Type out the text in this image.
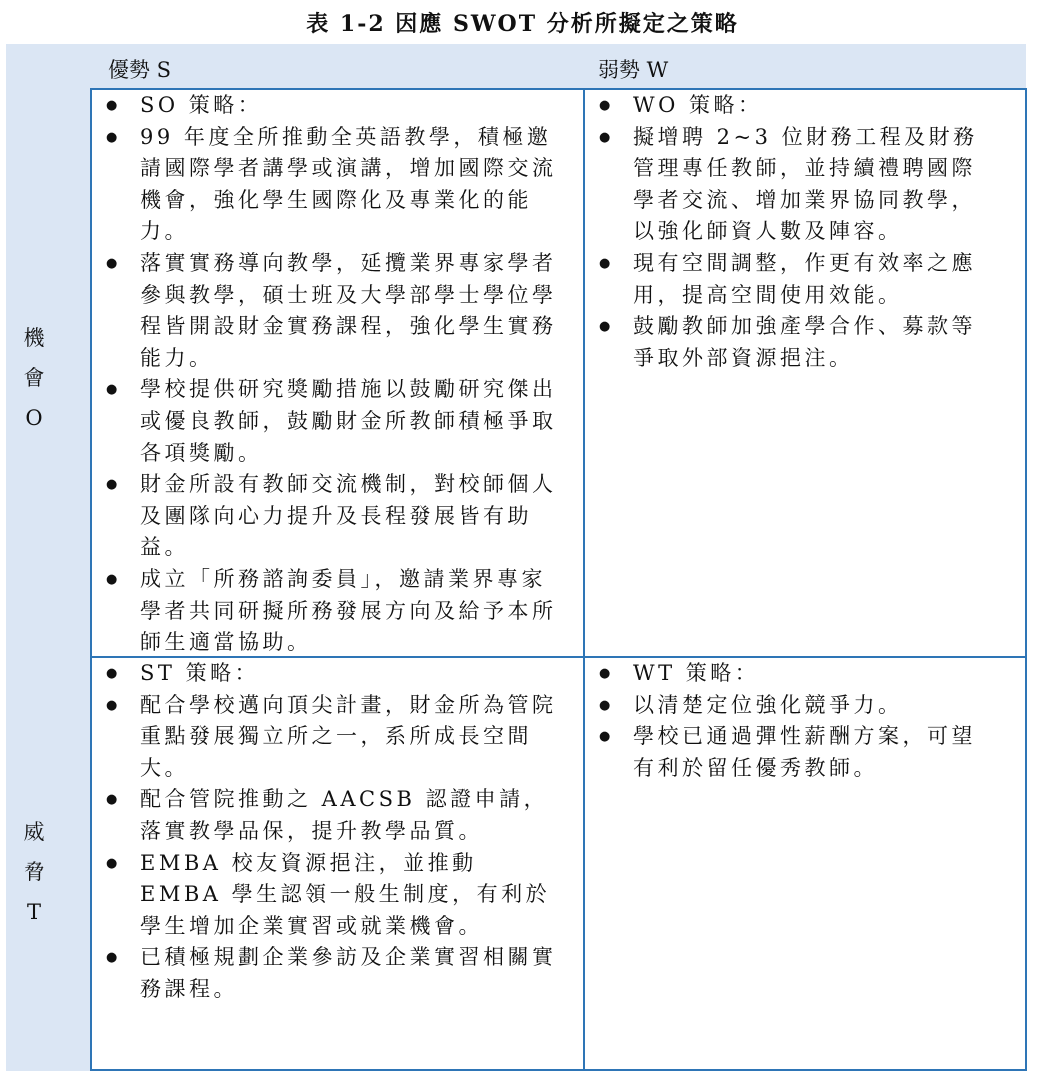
表 1-2 因應 SWOT 分析所擬定之策略
優勢 S	弱勢 W
機
會
O
威
脅
T
● SO 策略：
● 99 年度全所推動全英語教學，積極邀請國際學者講學或演講，增加國際交流機會，強化學生國際化及專業化的能力。
● 落實實務導向教學，延攬業界專家學者參與教學，碩士班及大學部學士學位學程皆開設財金實務課程，強化學生實務能力。
● 學校提供研究獎勵措施以鼓勵研究傑出或優良教師，鼓勵財金所教師積極爭取各項獎勵。
● 財金所設有教師交流機制，對校師個人及團隊向心力提升及長程發展皆有助益。
● 成立「所務諮詢委員」，邀請業界專家學者共同研擬所務發展方向及給予本所師生適當協助。
● WO 策略：
● 擬增聘 2~3 位財務工程及財務管理專任教師，並持續禮聘國際學者交流、增加業界協同教學，以強化師資人數及陣容。
● 現有空間調整，作更有效率之應用，提高空間使用效能。
● 鼓勵教師加強產學合作、募款等爭取外部資源挹注。
● ST 策略：
● 配合學校邁向頂尖計畫，財金所為管院重點發展獨立所之一，系所成長空間大。
● 配合管院推動之 AACSB 認證申請，落實教學品保，提升教學品質。
● EMBA 校友資源挹注，並推動 EMBA 學生認領一般生制度，有利於學生增加企業實習或就業機會。
● 已積極規劃企業參訪及企業實習相關實務課程。
● WT 策略：
● 以清楚定位強化競爭力。
● 學校已通過彈性薪酬方案，可望有利於留任優秀教師。
